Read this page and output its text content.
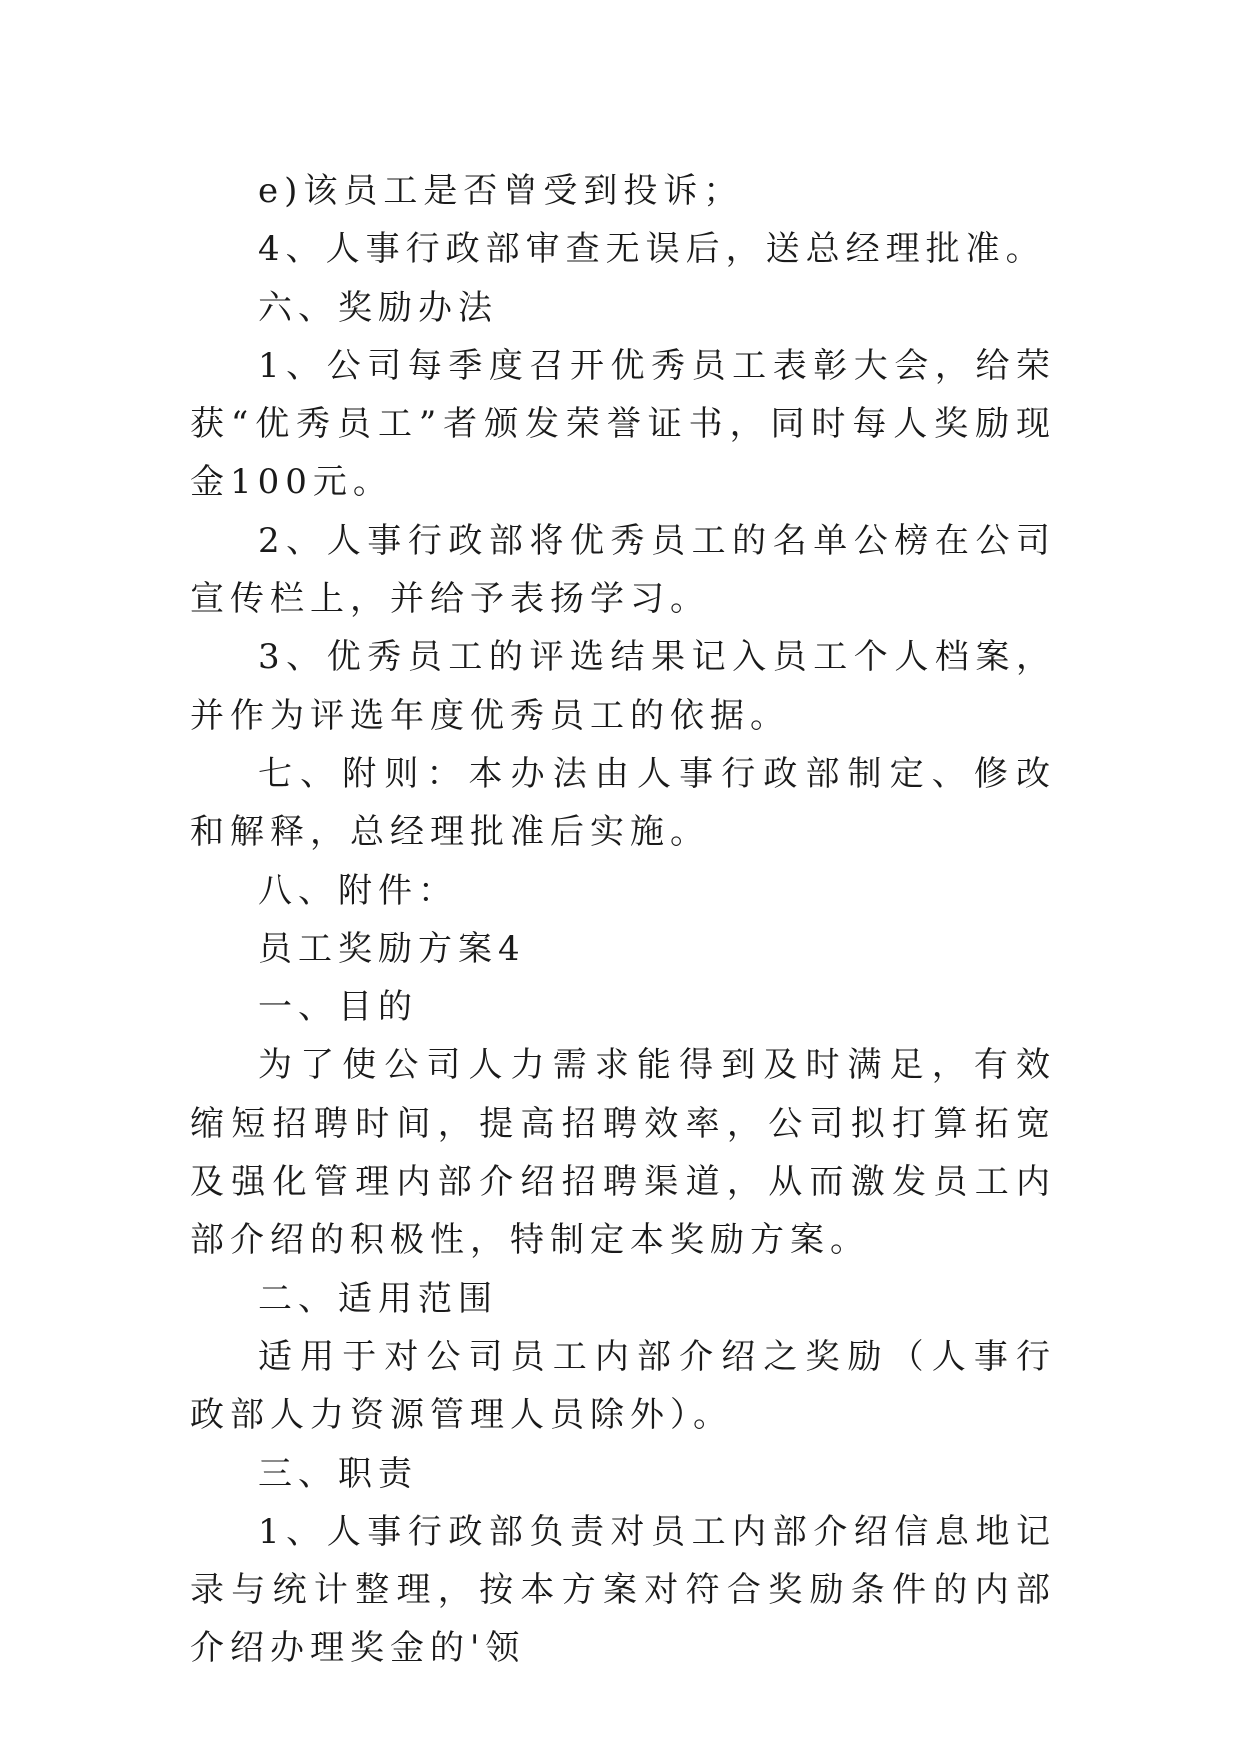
e)该员工是否曾受到投诉；

4、人事行政部审查无误后，送总经理批准。

六、奖励办法

1、公司每季度召开优秀员工表彰大会，给荣获“优秀员工”者颁发荣誉证书，同时每人奖励现金100元。

2、人事行政部将优秀员工的名单公榜在公司宣传栏上，并给予表扬学习。

3、优秀员工的评选结果记入员工个人档案，并作为评选年度优秀员工的依据。

七、附则：本办法由人事行政部制定、修改和解释，总经理批准后实施。

八、附件：

员工奖励方案4

一、目的

为了使公司人力需求能得到及时满足，有效缩短招聘时间，提高招聘效率，公司拟打算拓宽及强化管理内部介绍招聘渠道，从而激发员工内部介绍的积极性，特制定本奖励方案。

二、适用范围

适用于对公司员工内部介绍之奖励（人事行政部人力资源管理人员除外）。

三、职责

1、人事行政部负责对员工内部介绍信息地记录与统计整理，按本方案对符合奖励条件的内部介绍办理奖金的'领
